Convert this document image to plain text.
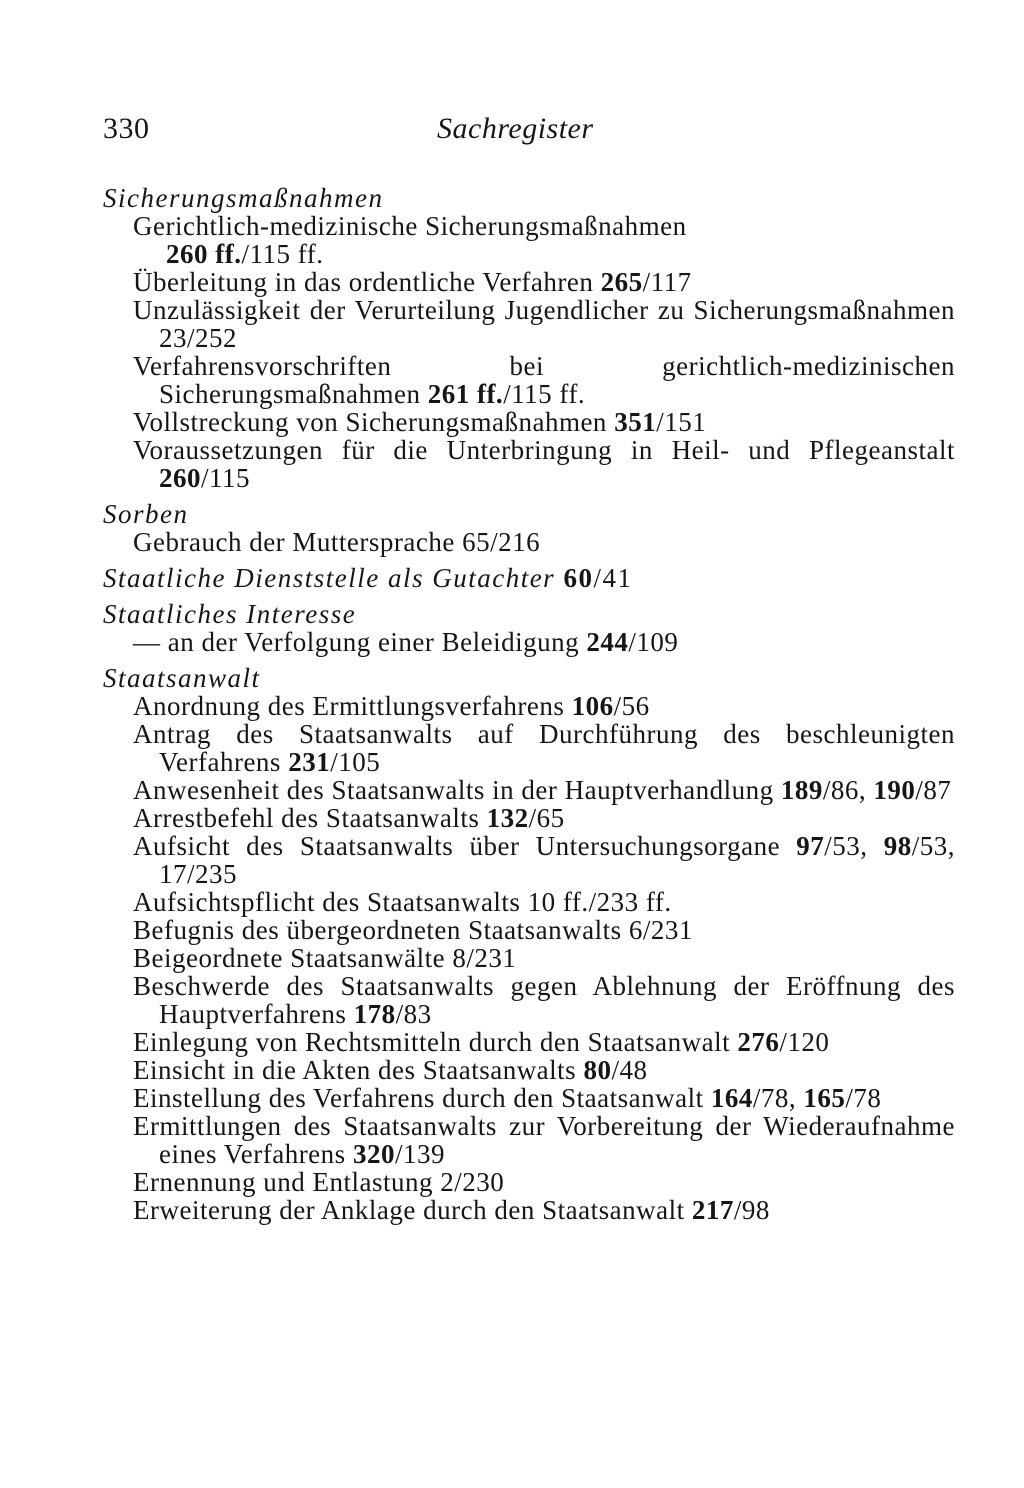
330	Sachregister
Sicherungsmaßnahmen
Gerichtlich-medizinische Sicherungsmaßnahmen
260 ff./115 ff.
Überleitung in das ordentliche Verfahren 265/117
Unzulässigkeit der Verurteilung Jugendlicher zu Sicherungsmaßnahmen 23/252
Verfahrensvorschriften bei gerichtlich-medizinischen Sicherungsmaßnahmen 261 ff./115 ff.
Vollstreckung von Sicherungsmaßnahmen 351/151
Voraussetzungen für die Unterbringung in Heil- und Pflegeanstalt 260/115
Sorben
Gebrauch der Muttersprache 65/216
Staatliche Dienststelle als Gutachter 60/41
Staatliches Interesse
— an der Verfolgung einer Beleidigung 244/109
Staatsanwalt
Anordnung des Ermittlungsverfahrens 106/56
Antrag des Staatsanwalts auf Durchführung des beschleunigten Verfahrens 231/105
Anwesenheit des Staatsanwalts in der Hauptverhandlung 189/86, 190/87
Arrestbefehl des Staatsanwalts 132/65
Aufsicht des Staatsanwalts über Untersuchungsorgane 97/53, 98/53, 17/235
Aufsichtspflicht des Staatsanwalts 10 ff./233 ff.
Befugnis des übergeordneten Staatsanwalts 6/231
Beigeordnete Staatsanwälte 8/231
Beschwerde des Staatsanwalts gegen Ablehnung der Eröffnung des Hauptverfahrens 178/83
Einlegung von Rechtsmitteln durch den Staatsanwalt 276/120
Einsicht in die Akten des Staatsanwalts 80/48
Einstellung des Verfahrens durch den Staatsanwalt 164/78, 165/78
Ermittlungen des Staatsanwalts zur Vorbereitung der Wiederaufnahme eines Verfahrens 320/139
Ernennung und Entlastung 2/230
Erweiterung der Anklage durch den Staatsanwalt 217/98
